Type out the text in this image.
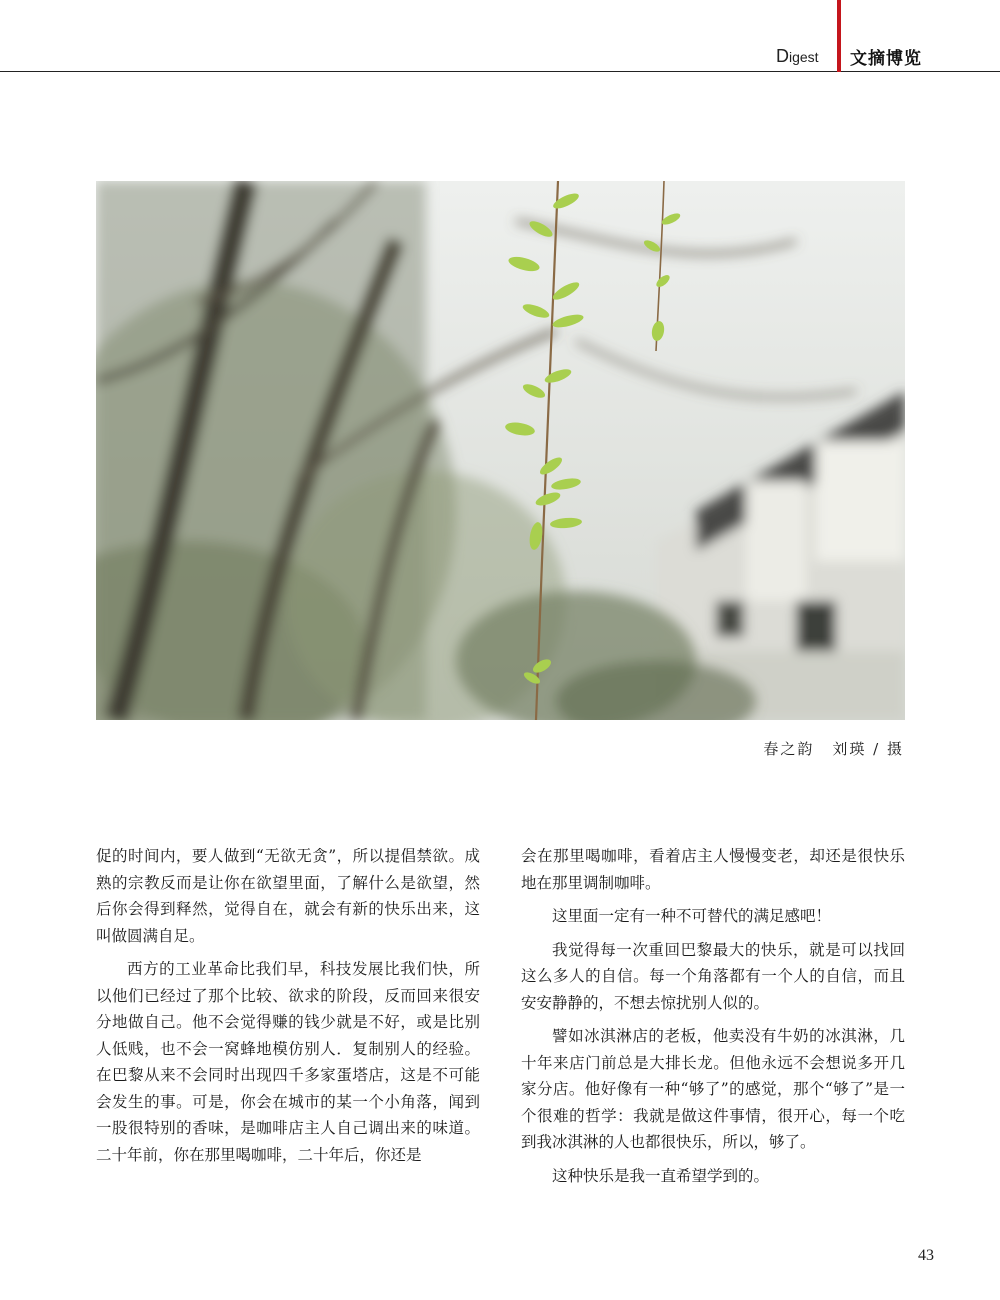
Digest 文摘博览
春之韵 刘瑛 / 摄

促的时间内，要人做到“无欲无贪”，所以提倡禁欲。成熟的宗教反而是让你在欲望里面，了解什么是欲望，然后你会得到释然，觉得自在，就会有新的快乐出来，这叫做圆满自足。

西方的工业革命比我们早，科技发展比我们快，所以他们已经过了那个比较、欲求的阶段，反而回来很安分地做自己。他不会觉得赚的钱少就是不好，或是比别人低贱，也不会一窝蜂地模仿别人．复制别人的经验。在巴黎从来不会同时出现四千多家蛋塔店，这是不可能会发生的事。可是，你会在城市的某一个小角落，闻到一股很特别的香味，是咖啡店主人自己调出来的味道。二十年前，你在那里喝咖啡，二十年后，你还是

会在那里喝咖啡，看着店主人慢慢变老，却还是很快乐地在那里调制咖啡。

这里面一定有一种不可替代的满足感吧！

我觉得每一次重回巴黎最大的快乐，就是可以找回这么多人的自信。每一个角落都有一个人的自信，而且安安静静的，不想去惊扰别人似的。

譬如冰淇淋店的老板，他卖没有牛奶的冰淇淋，几十年来店门前总是大排长龙。但他永远不会想说多开几家分店。他好像有一种“够了”的感觉，那个“够了”是一个很难的哲学：我就是做这件事情，很开心，每一个吃到我冰淇淋的人也都很快乐，所以，够了。

这种快乐是我一直希望学到的。

43
